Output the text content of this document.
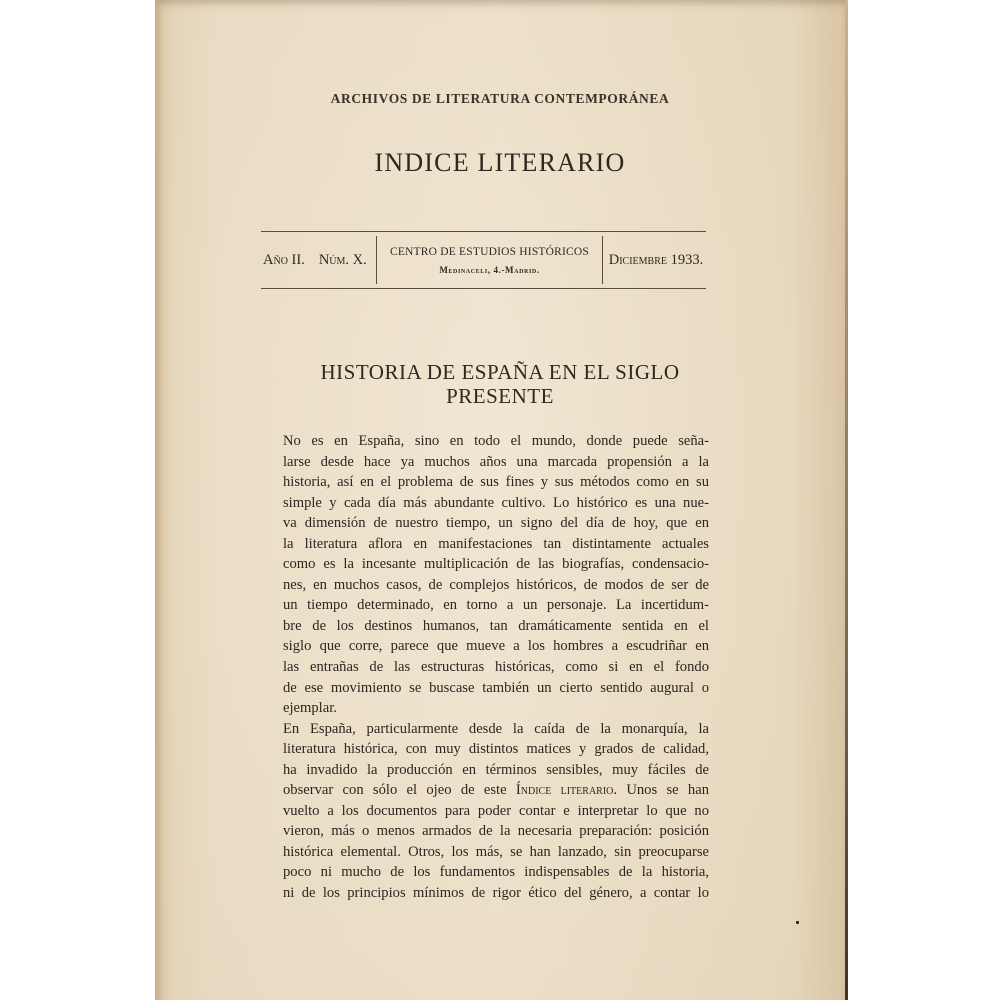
ARCHIVOS DE LITERATURA CONTEMPORÁNEA
INDICE LITERARIO
Año II. Núm. X. CENTRO DE ESTUDIOS HISTÓRICOS
Medinaceli, 4.-Madrid.
Diciembre 1933.
HISTORIA DE ESPAÑA EN EL SIGLO
PRESENTE

No es en España, sino en todo el mundo, donde puede seña-
larse desde hace ya muchos años una marcada propensión a la
historia, así en el problema de sus fines y sus métodos como en su
simple y cada día más abundante cultivo. Lo histórico es una nue-
va dimensión de nuestro tiempo, un signo del día de hoy, que en
la literatura aflora en manifestaciones tan distintamente actuales
como es la incesante multiplicación de las biografías, condensacio-
nes, en muchos casos, de complejos históricos, de modos de ser de
un tiempo determinado, en torno a un personaje. La incertidum-
bre de los destinos humanos, tan dramáticamente sentida en el
siglo que corre, parece que mueve a los hombres a escudriñar en
las entrañas de las estructuras históricas, como si en el fondo
de ese movimiento se buscase también un cierto sentido augural o
ejemplar.

En España, particularmente desde la caída de la monarquía, la
literatura histórica, con muy distintos matices y grados de calidad,
ha invadido la producción en términos sensibles, muy fáciles de
observar con sólo el ojeo de este Índice literario. Unos se han
vuelto a los documentos para poder contar e interpretar lo que no
vieron, más o menos armados de la necesaria preparación: posición
histórica elemental. Otros, los más, se han lanzado, sin preocuparse
poco ni mucho de los fundamentos indispensables de la historia,
ni de los principios mínimos de rigor ético del género, a contar lo
